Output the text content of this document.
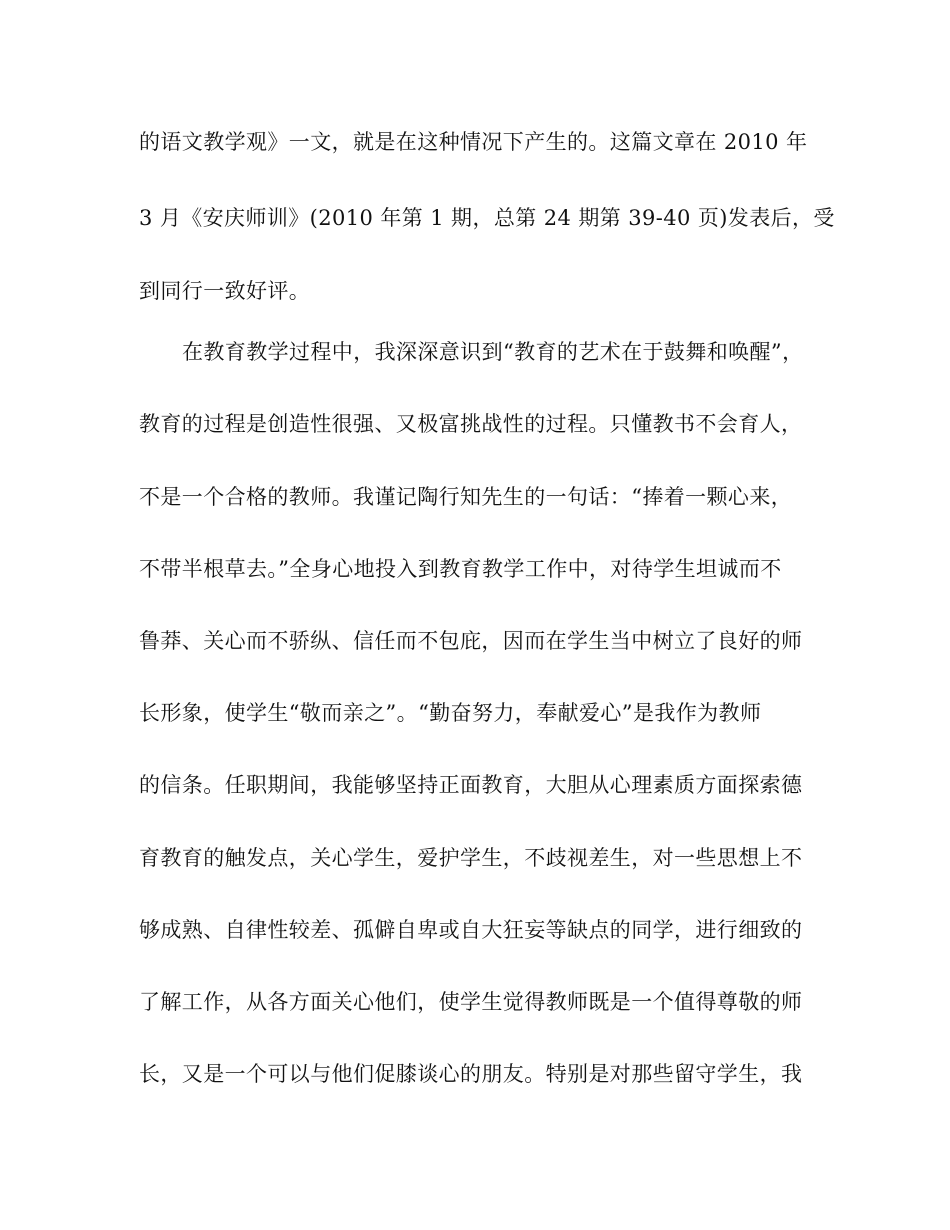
的语文教学观》一文，就是在这种情况下产生的。这篇文章在 2010 年
3 月《安庆师训》(2010 年第 1 期，总第 24 期第 39-40 页)发表后，受
到同行一致好评。
在教育教学过程中，我深深意识到“教育的艺术在于鼓舞和唤醒”，
教育的过程是创造性很强、又极富挑战性的过程。只懂教书不会育人，
不是一个合格的教师。我谨记陶行知先生的一句话：“捧着一颗心来，
不带半根草去。”全身心地投入到教育教学工作中，对待学生坦诚而不
鲁莽、关心而不骄纵、信任而不包庇，因而在学生当中树立了良好的师
长形象，使学生“敬而亲之”。“勤奋努力，奉献爱心”是我作为教师
的信条。任职期间，我能够坚持正面教育，大胆从心理素质方面探索德
育教育的触发点，关心学生，爱护学生，不歧视差生，对一些思想上不
够成熟、自律性较差、孤僻自卑或自大狂妄等缺点的同学，进行细致的
了解工作，从各方面关心他们，使学生觉得教师既是一个值得尊敬的师
长，又是一个可以与他们促膝谈心的朋友。特别是对那些留守学生，我
